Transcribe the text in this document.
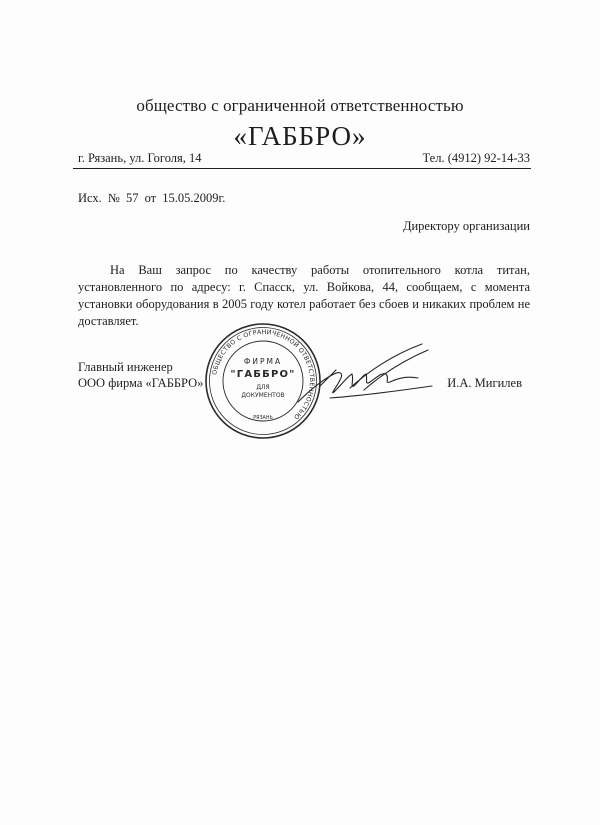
общество с ограниченной ответственностью
«ГАББРО»
г. Рязань, ул. Гоголя, 14	Тел. (4912) 92-14-33
Исх. № 57 от 15.05.2009г.
Директору организации
На Ваш запрос по качеству работы отопительного котла титан, установленного по адресу: г. Спасск, ул. Войкова, 44, сообщаем, с момента установки оборудования в 2005 году котел работает без сбоев и никаких проблем не доставляет.
Главный инженер
ООО фирма «ГАББРО»	И.А. Мигилев
ОБЩЕСТВО С ОГРАНИЧЕННОЙ ОТВЕТСТВЕННОСТЬЮ
ФИРМА
"ГАББРО"
ДЛЯ
ДОКУМЕНТОВ
РЯЗАНЬ
